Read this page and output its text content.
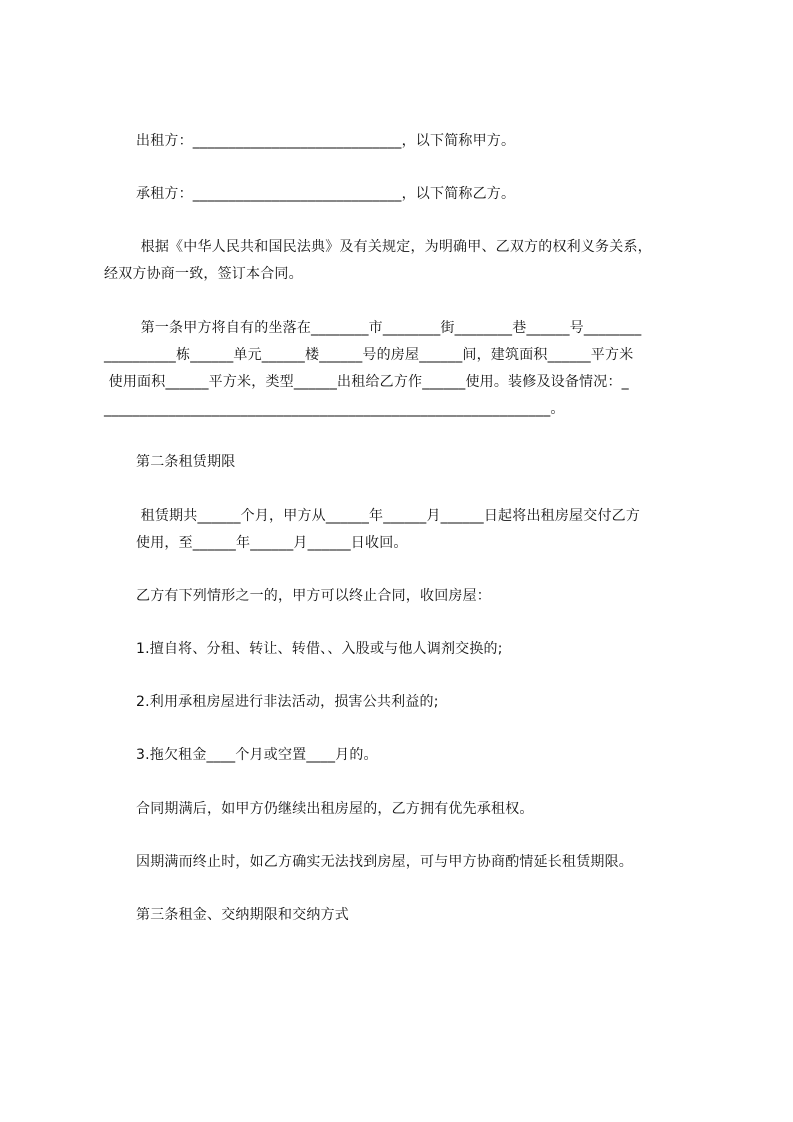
出租方：_____________________________，以下简称甲方。
承租方：_____________________________，以下简称乙方。
根据《中华人民共和国民法典》及有关规定，为明确甲、乙双方的权利义务关系，
经双方协商一致，签订本合同。
第一条甲方将自有的坐落在________市________街________巷______号________
__________栋______单元______楼______号的房屋______间，建筑面积______平方米
使用面积______平方米，类型______出租给乙方作______使用。装修及设备情况：_
______________________________________________________________。
第二条租赁期限
租赁期共______个月，甲方从______年______月______日起将出租房屋交付乙方
使用，至______年______月______日收回。
乙方有下列情形之一的，甲方可以终止合同，收回房屋：
1.擅自将、分租、转让、转借、、入股或与他人调剂交换的;
2.利用承租房屋进行非法活动，损害公共利益的;
3.拖欠租金____个月或空置____月的。
合同期满后，如甲方仍继续出租房屋的，乙方拥有优先承租权。
因期满而终止时，如乙方确实无法找到房屋，可与甲方协商酌情延长租赁期限。
第三条租金、交纳期限和交纳方式
